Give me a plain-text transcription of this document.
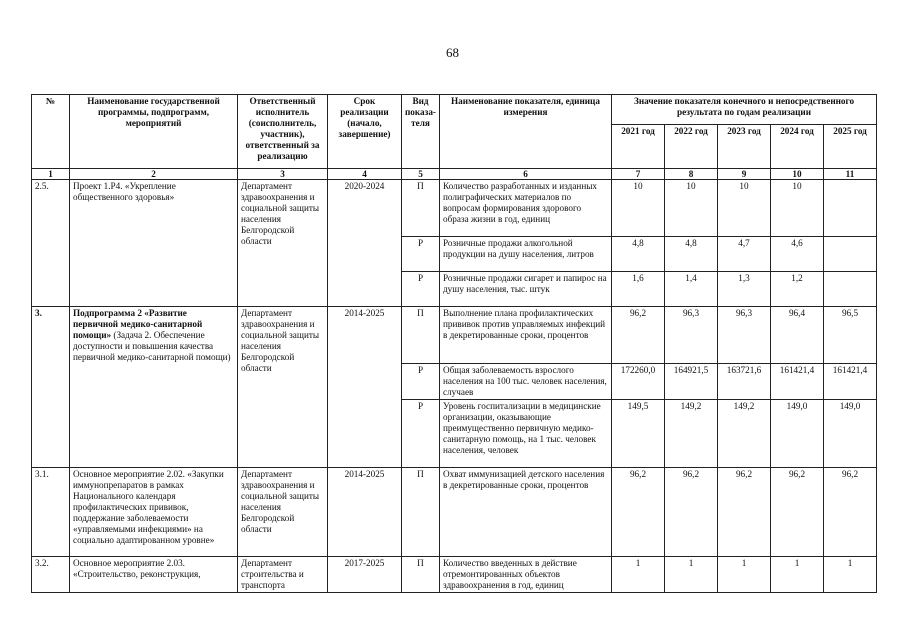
68
№	Наименование государственной программы, подпрограмм, мероприятий	Ответственный исполнитель (соисполнитель, участник), ответственный за реализацию	Срок реализации (начало, завершение)	Вид показа-теля	Наименование показателя, единица измерения	Значение показателя конечного и непосредственного результата по годам реализации				
						2021 год	2022 год	2023 год	2024 год	2025 год
1	2	3	4	5	6	7	8	9	10	11
2.5.	Проект 1.Р4. «Укрепление общественного здоровья»	Департамент здравоохранения и социальной защиты населения Белгородской области	2020-2024	П	Количество разработанных и изданных полиграфических материалов по вопросам формирования здорового образа жизни в год, единиц	10	10	10	10	
				Р	Розничные продажи алкогольной продукции на душу населения, литров	4,8	4,8	4,7	4,6	
				Р	Розничные продажи сигарет и папирос на душу населения, тыс. штук	1,6	1,4	1,3	1,2	
3.	Подпрограмма 2 «Развитие первичной медико-санитарной помощи» (Задача 2. Обеспечение доступности и повышения качества первичной медико-санитарной помощи)	Департамент здравоохранения и социальной защиты населения Белгородской области	2014-2025	П	Выполнение плана профилактических прививок против управляемых инфекций в декретированные сроки, процентов	96,2	96,3	96,3	96,4	96,5
				Р	Общая заболеваемость взрослого населения на 100 тыс. человек населения, случаев	172260,0	164921,5	163721,6	161421,4	161421,4
				Р	Уровень госпитализации в медицинские организации, оказывающие преимущественно первичную медико-санитарную помощь, на 1 тыс. человек населения, человек	149,5	149,2	149,2	149,0	149,0
3.1.	Основное мероприятие 2.02. «Закупки иммунопрепаратов в рамках Национального календаря профилактических прививок, поддержание заболеваемости «управляемыми инфекциями» на социально адаптированном уровне»	Департамент здравоохранения и социальной защиты населения Белгородской области	2014-2025	П	Охват иммунизацией детского населения в декретированные сроки, процентов	96,2	96,2	96,2	96,2	96,2
3.2.	Основное мероприятие 2.03. «Строительство, реконструкция,	Департамент строительства и транспорта	2017-2025	П	Количество введенных в действие отремонтированных объектов здравоохранения в год, единиц	1	1	1	1	1
